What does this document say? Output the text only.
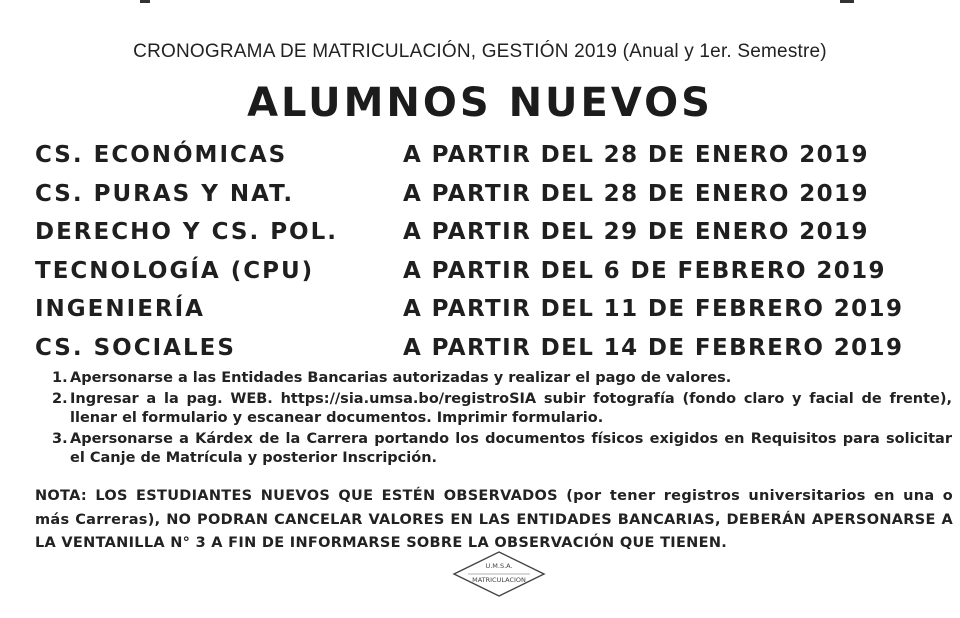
CRONOGRAMA DE MATRICULACIÓN, GESTIÓN 2019 (Anual y 1er. Semestre)
ALUMNOS NUEVOS
CS. ECONÓMICAS	A PARTIR DEL 28 DE ENERO 2019
CS. PURAS Y NAT.	A PARTIR DEL 28 DE ENERO 2019
DERECHO Y CS. POL.	A PARTIR DEL 29 DE ENERO 2019
TECNOLOGÍA (CPU)	A PARTIR DEL 6 DE FEBRERO 2019
INGENIERÍA	A PARTIR DEL 11 DE FEBRERO 2019
CS. SOCIALES	A PARTIR DEL 14 DE FEBRERO 2019
1. Apersonarse a las Entidades Bancarias autorizadas y realizar el pago de valores.
2. Ingresar a la pag. WEB. https://sia.umsa.bo/registroSIA subir fotografía (fondo claro y facial de frente), llenar el formulario y escanear documentos. Imprimir formulario.
3. Apersonarse a Kárdex de la Carrera portando los documentos físicos exigidos en Requisitos para solicitar el Canje de Matrícula y posterior Inscripción.
NOTA: LOS ESTUDIANTES NUEVOS QUE ESTÉN OBSERVADOS (por tener registros universitarios en una o más Carreras), NO PODRAN CANCELAR VALORES EN LAS ENTIDADES BANCARIAS, DEBERÁN APERSONARSE A LA VENTANILLA N° 3 A FIN DE INFORMARSE SOBRE LA OBSERVACIÓN QUE TIENEN.
U.M.S.A.
MATRICULACION
